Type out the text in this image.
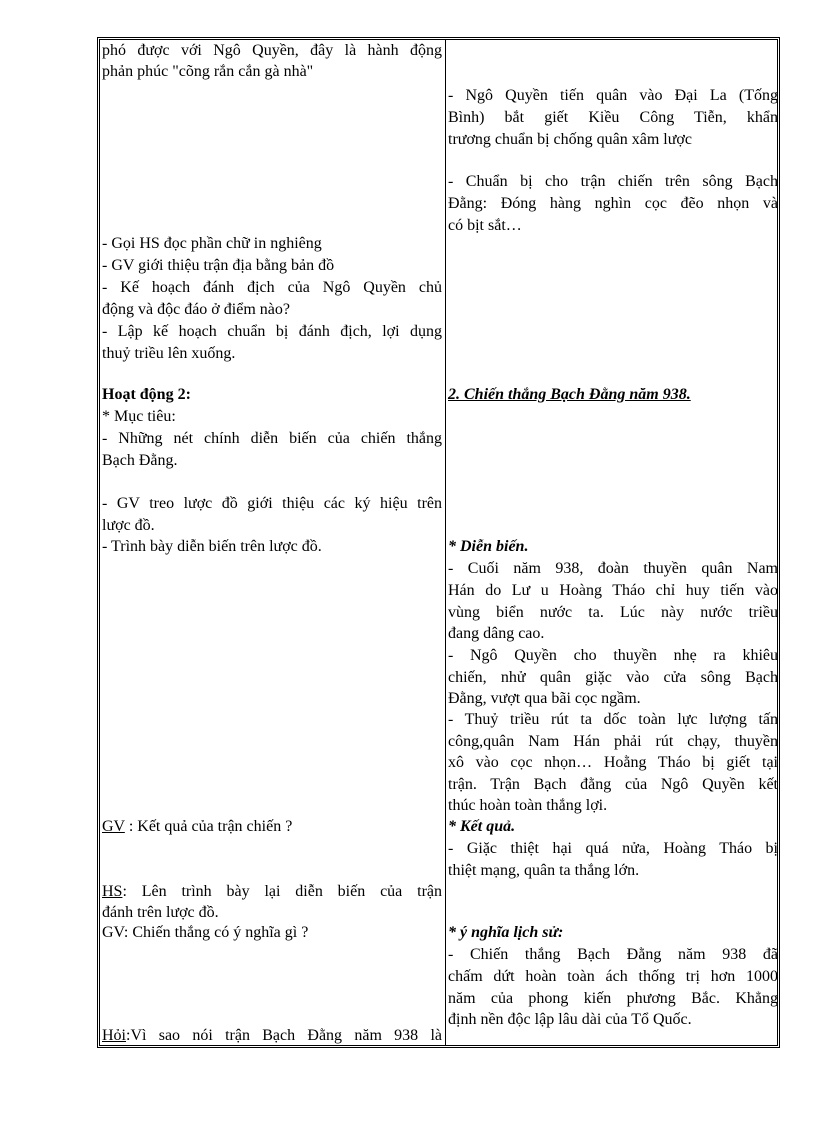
phó được với Ngô Quyền, đây là hành động

phản phúc "cõng rắn cắn gà nhà"

- Gọi HS đọc phần chữ in nghiêng

- GV giới thiệu trận địa bằng bản đồ

- Kế hoạch đánh địch của Ngô Quyền chủ

động và độc đáo ở điểm nào?

- Lập kế hoạch chuẩn bị đánh địch, lợi dụng

thuỷ triều lên xuống.

Hoạt động 2:

* Mục tiêu:

- Những nét chính diễn biến của chiến thắng

Bạch Đằng.

- GV treo lược đồ giới thiệu các ký hiệu trên

lược đồ.

- Trình bày diễn biến trên lược đồ.

GV : Kết quả của trận chiến ?

HS: Lên trình bày lại diễn biến của trận

đánh trên lược đồ.

GV: Chiến thắng có ý nghĩa gì ?

Hỏi:Vì sao nói trận Bạch Đằng năm 938 là

- Ngô Quyền tiến quân vào Đại La (Tống

Bình) bắt giết Kiều Công Tiễn, khẩn

trương chuẩn bị chống quân xâm lược

- Chuẩn bị cho trận chiến trên sông Bạch

Đằng: Đóng hàng nghìn cọc đẽo nhọn và

có bịt sắt…

2. Chiến thắng Bạch Đằng năm 938.

* Diễn biến.

- Cuối năm 938, đoàn thuyền quân Nam

Hán do Lư u Hoàng Tháo chỉ huy tiến vào

vùng biển nước ta. Lúc này nước triều

đang dâng cao.

- Ngô Quyền cho thuyền nhẹ ra khiêu

chiến, nhử quân giặc vào cửa sông Bạch

Đằng, vượt qua bãi cọc ngầm.

- Thuỷ triều rút ta dốc toàn lực lượng tấn

công,quân Nam Hán phải rút chạy, thuyền

xô vào cọc nhọn… Hoằng Tháo bị giết tại

trận. Trận Bạch đằng của Ngô Quyền kết

thúc hoàn toàn thắng lợi.

* Kết quả.

- Giặc thiệt hại quá nửa, Hoàng Tháo bị

thiệt mạng, quân ta thắng lớn.

* ý nghĩa lịch sử:

- Chiến thắng Bạch Đằng năm 938 đã

chấm dứt hoàn toàn ách thống trị hơn 1000

năm của phong kiến phương Bắc. Khẳng

định nền độc lập lâu dài của Tổ Quốc.
